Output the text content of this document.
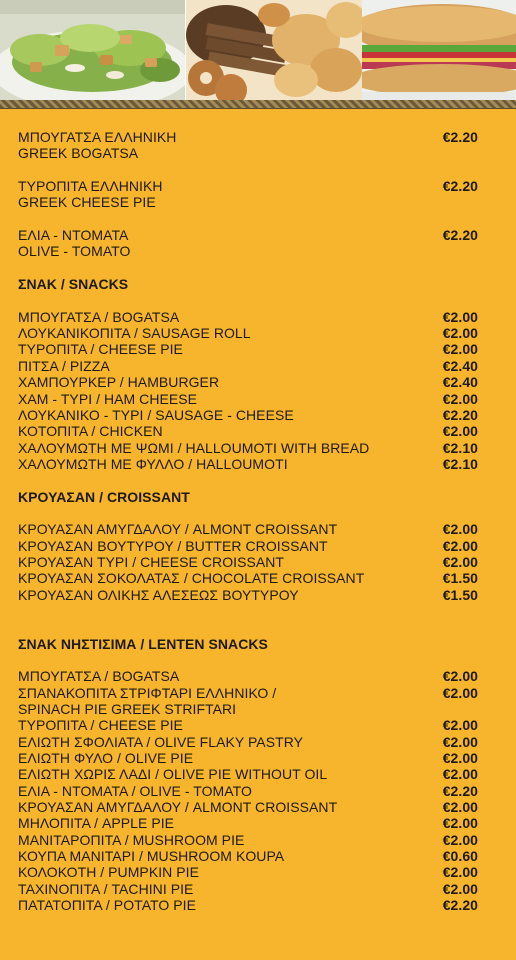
ΜΠΟΥΓΑΤΣΑ ΕΛΛΗΝΙΚΗ	€2.20
GREEK BOGATSA
ΤΥΡΟΠΙΤΑ ΕΛΛΗΝΙΚΗ	€2.20
GREEK CHEESE PIE
ΕΛΙΑ - ΝΤΟΜΑΤΑ	€2.20
OLIVE - TOMATO
ΣΝΑΚ / SNACKS
ΜΠΟΥΓΑΤΣΑ / BOGATSA	€2.00
ΛΟΥΚΑΝΙΚΟΠΙΤΑ / SAUSAGE ROLL	€2.00
ΤΥΡΟΠΙΤΑ / CHEESE PIE	€2.00
ΠΙΤΣΑ / PIZZA	€2.40
ΧΑΜΠΟΥΡΚΕΡ / HAMBURGER	€2.40
ΧΑΜ - ΤΥΡΙ / HAM CHEESE	€2.00
ΛΟΥΚΑΝΙΚΟ - ΤΥΡΙ / SAUSAGE - CHEESE	€2.20
ΚΟΤΟΠΙΤΑ / CHICKEN	€2.00
ΧΑΛΟΥΜΩΤΗ ΜΕ ΨΩΜΙ / HALLOUMOTI WITH BREAD	€2.10
ΧΑΛΟΥΜΩΤΗ ΜΕ ΦΥΛΛΟ / HALLOUMOTI	€2.10
ΚΡΟΥΑΣΑΝ / CROISSANT
ΚΡΟΥΑΣΑΝ ΑΜΥΓΔΑΛΟΥ / ALMONT CROISSANT	€2.00
ΚΡΟΥΑΣΑΝ ΒΟΥΤΥΡΟΥ / BUTTER CROISSANT	€2.00
ΚΡΟΥΑΣΑΝ ΤΥΡΙ / CHEESE CROISSANT	€2.00
ΚΡΟΥΑΣΑΝ ΣΟΚΟΛΑΤΑΣ / CHOCOLATE CROISSANT	€1.50
ΚΡΟΥΑΣΑΝ ΟΛΙΚΗΣ ΑΛΕΣΕΩΣ ΒΟΥΤΥΡΟΥ	€1.50
ΣΝΑΚ ΝΗΣΤΙΣΙΜΑ / LENTEN SNACKS
ΜΠΟΥΓΑΤΣΑ / BOGATSA	€2.00
ΣΠΑΝΑΚΟΠΙΤΑ ΣΤΡΙΦΤΑΡΙ ΕΛΛΗΝΙΚΟ /	€2.00
SPINACH PIE GREEK STRIFTARI
ΤΥΡΟΠΙΤΑ / CHEESE PIE	€2.00
ΕΛΙΩΤΗ ΣΦΟΛΙΑΤΑ / OLIVE FLAKY PASTRY	€2.00
ΕΛΙΩΤΗ ΦΥΛΟ / OLIVE PIE	€2.00
ΕΛΙΩΤΗ ΧΩΡΙΣ ΛΑΔΙ / OLIVE PIE WITHOUT OIL	€2.00
ΕΛΙΑ - ΝΤΟΜΑΤΑ / OLIVE - TOMATO	€2.20
ΚΡΟΥΑΣΑΝ ΑΜΥΓΔΑΛΟΥ / ALMONT CROISSANT	€2.00
ΜΗΛΟΠΙΤΑ / APPLE PIE	€2.00
ΜΑΝΙΤΑΡΟΠΙΤΑ / MUSHROOM PIE	€2.00
ΚΟΥΠΑ ΜΑΝΙΤΑΡΙ / MUSHROOM KOUPA	€0.60
ΚΟΛΟΚΟΤΗ / PUMPKIN PIE	€2.00
ΤΑΧΙΝΟΠΙΤΑ / TACHINI PIE	€2.00
ΠΑΤΑΤΟΠΙΤΑ / POTATO PIE	€2.20
